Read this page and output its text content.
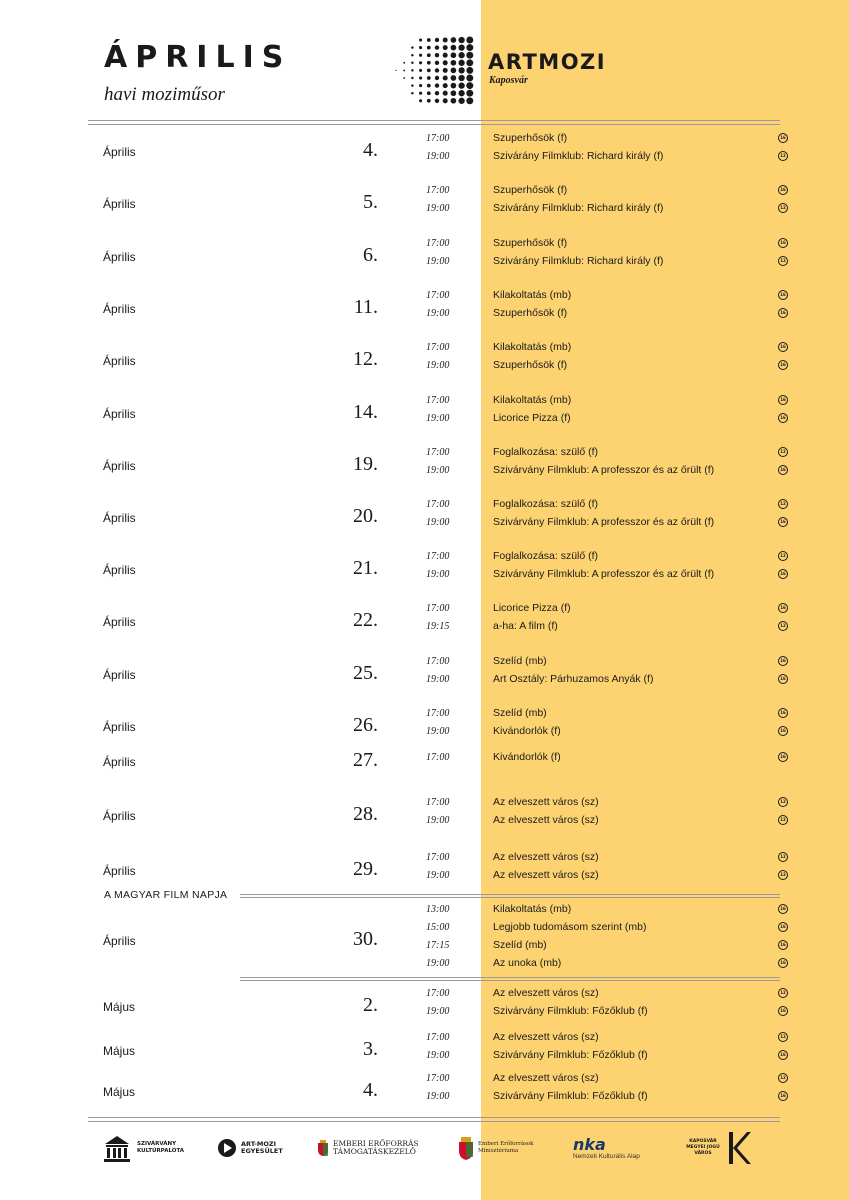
ÁPRILIS
havi moziműsor
ARTMOZI
Kaposvár
Április	4.
17:00	Szuperhősök (f)	16
19:00	Szivárány Filmklub: Richard király (f)	12
Április	5.
17:00	Szuperhősök (f)	16
19:00	Szivárány Filmklub: Richard király (f)	12
Április	6.
17:00	Szuperhősök (f)	16
19:00	Szivárány Filmklub: Richard király (f)	12
Április	11.
17:00	Kilakoltatás (mb)	16
19:00	Szuperhősök (f)	16
Április	12.
17:00	Kilakoltatás (mb)	16
19:00	Szuperhősök (f)	16
Április	14.
17:00	Kilakoltatás (mb)	16
19:00	Licorice Pizza (f)	16
Április	19.
17:00	Foglalkozása: szülő (f)	12
19:00	Szivárvány Filmklub: A professzor és az őrült (f)	16
Április	20.
17:00	Foglalkozása: szülő (f)	12
19:00	Szivárvány Filmklub: A professzor és az őrült (f)	16
Április	21.
17:00	Foglalkozása: szülő (f)	12
19:00	Szivárvány Filmklub: A professzor és az őrült (f)	16
Április	22.
17:00	Licorice Pizza (f)	16
19:15	a-ha: A film (f)	12
Április	25.
17:00	Szelíd (mb)	16
19:00	Art Osztály: Párhuzamos Anyák (f)	16
Április	26.
17:00	Szelíd (mb)	16
19:00	Kivándorlók (f)	16
Április	27.	17:00	Kivándorlók (f)	16
Április	28.
17:00	Az elveszett város (sz)	12
19:00	Az elveszett város (sz)	12
Április	29.
17:00	Az elveszett város (sz)	12
19:00	Az elveszett város (sz)	12
Április	30.
13:00	Kilakoltatás (mb)	16
15:00	Legjobb tudomásom szerint (mb)	16
17:15	Szelíd (mb)	16
19:00	Az unoka (mb)	16
Május	2.
17:00	Az elveszett város (sz)	12
19:00	Szivárvány Filmklub: Főzőklub (f)	16
Május	3.
17:00	Az elveszett város (sz)	12
19:00	Szivárvány Filmklub: Főzőklub (f)	16
Május	4.
17:00	Az elveszett város (sz)	12
19:00	Szivárvány Filmklub: Főzőklub (f)	16
A MAGYAR FILM NAPJA
SZIVÁRVÁNY KULTÚRPALOTA
ART-MOZI EGYESÜLET
EMBERI ERŐFORRÁS TÁMOGATÁSKEZELŐ
Emberi Erőforrások Minisztériuma	nka
Nemzeti Kulturális Alap
KAPOSVÁR MEGYEI JOGÚ VÁROS
